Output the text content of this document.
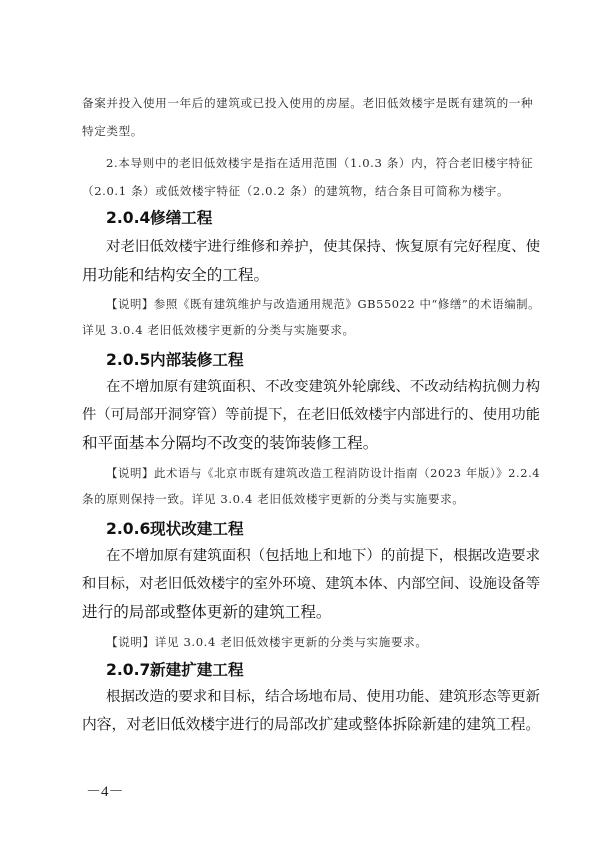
备案并投入使用一年后的建筑或已投入使用的房屋。老旧低效楼宇是既有建筑的一种
特定类型。
2.本导则中的老旧低效楼宇是指在适用范围（1.0.3 条）内，符合老旧楼宇特征
（2.0.1 条）或低效楼宇特征（2.0.2 条）的建筑物，结合条目可简称为楼宇。
2.0.4修缮工程
对老旧低效楼宇进行维修和养护，使其保持、恢复原有完好程度、使
用功能和结构安全的工程。
【说明】参照《既有建筑维护与改造通用规范》GB55022 中“修缮”的术语编制。
详见 3.0.4 老旧低效楼宇更新的分类与实施要求。
2.0.5内部装修工程
在不增加原有建筑面积、不改变建筑外轮廓线、不改动结构抗侧力构
件（可局部开洞穿管）等前提下，在老旧低效楼宇内部进行的、使用功能
和平面基本分隔均不改变的装饰装修工程。
【说明】此术语与《北京市既有建筑改造工程消防设计指南（2023 年版）》2.2.4
条的原则保持一致。详见 3.0.4 老旧低效楼宇更新的分类与实施要求。
2.0.6现状改建工程
在不增加原有建筑面积（包括地上和地下）的前提下，根据改造要求
和目标，对老旧低效楼宇的室外环境、建筑本体、内部空间、设施设备等
进行的局部或整体更新的建筑工程。
【说明】详见 3.0.4 老旧低效楼宇更新的分类与实施要求。
2.0.7新建扩建工程
根据改造的要求和目标，结合场地布局、使用功能、建筑形态等更新
内容，对老旧低效楼宇进行的局部改扩建或整体拆除新建的建筑工程。
－4－
